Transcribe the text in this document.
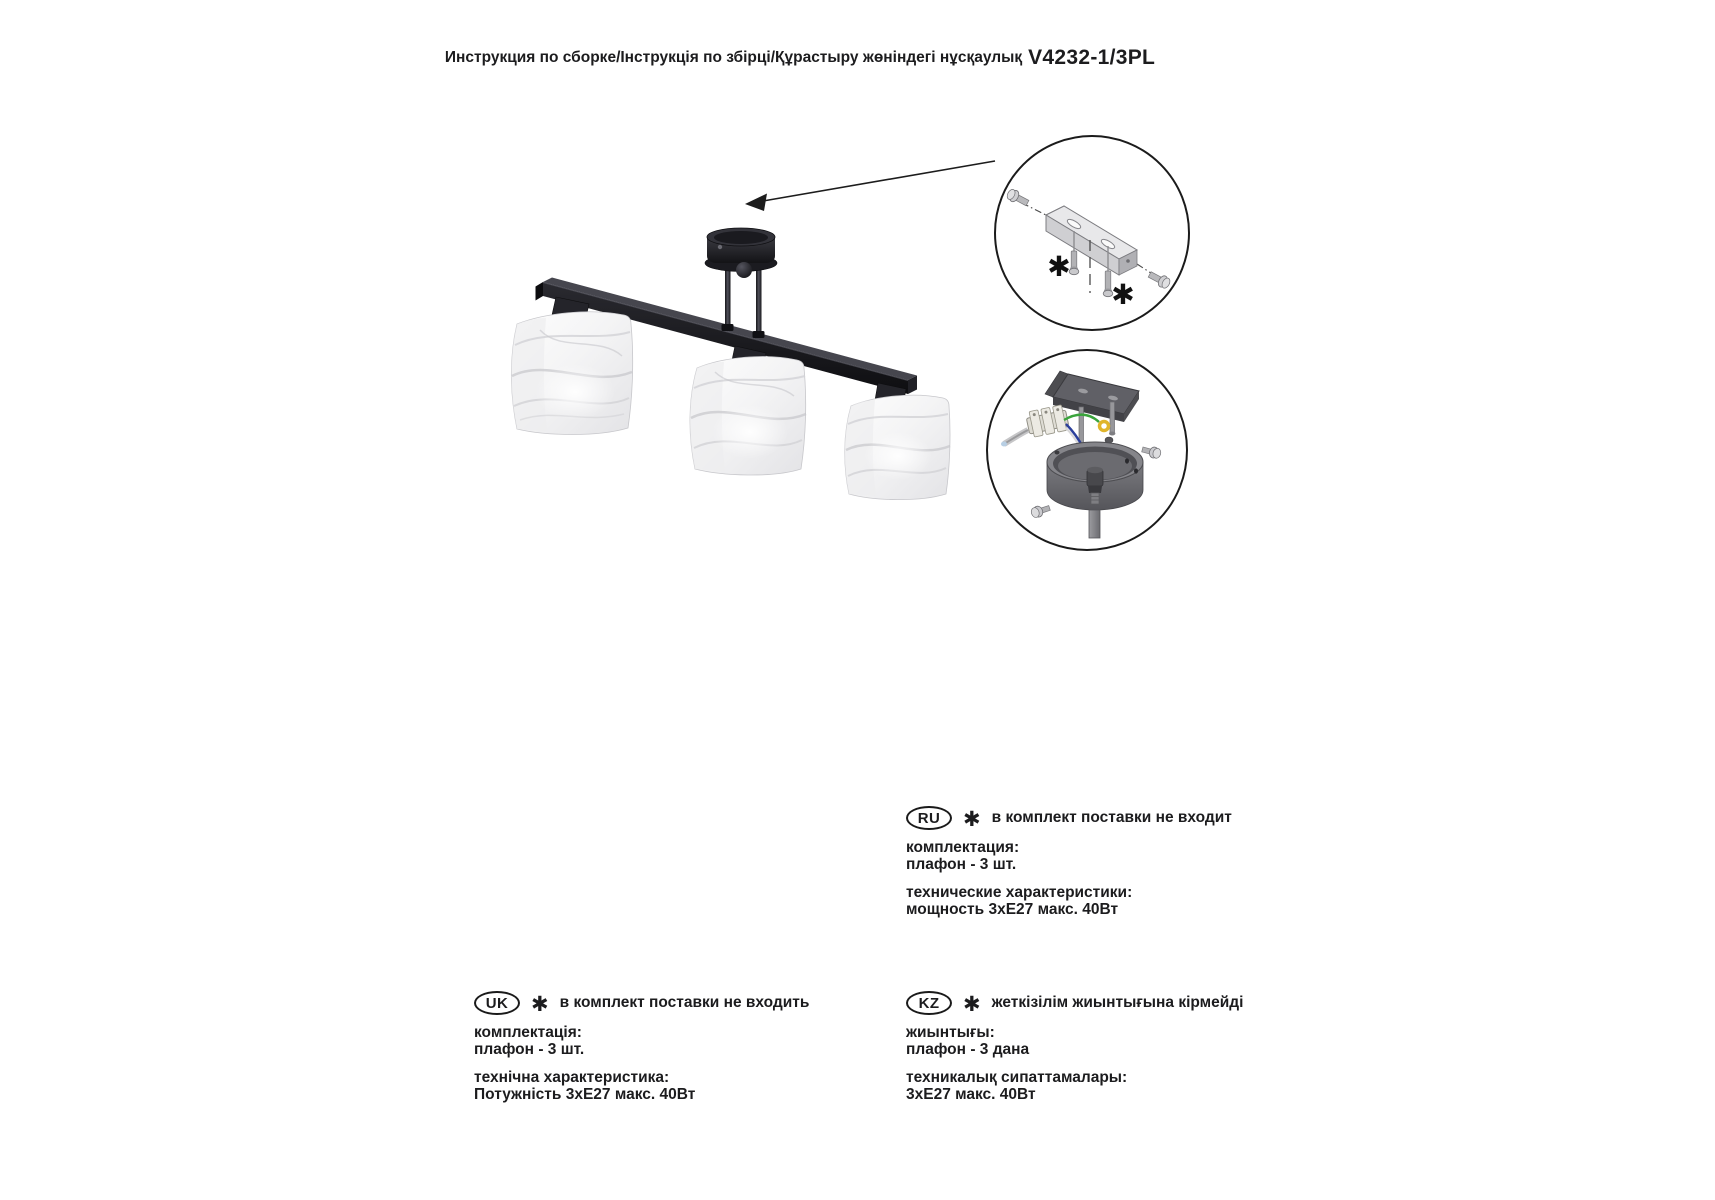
Инструкция по сборке/Інструкція по збірці/Құрастыру жөніндегі нұсқаулық V4232-1/3PL
✱
✱
RU	✱ в комплект поставки не входит
комплектация:
плафон - 3 шт.
технические характеристики:
мощность 3хЕ27 макс. 40Вт
UK	✱ в комплект поставки не входить
комплектація:
плафон - 3 шт.
технічна характеристика:
Потужність 3хЕ27 макс. 40Вт
KZ	✱ жеткізілім жиынтығына кірмейді
жиынтығы:
плафон - 3 дана
техникалық сипаттамалары:
3хЕ27 макс. 40Вт
